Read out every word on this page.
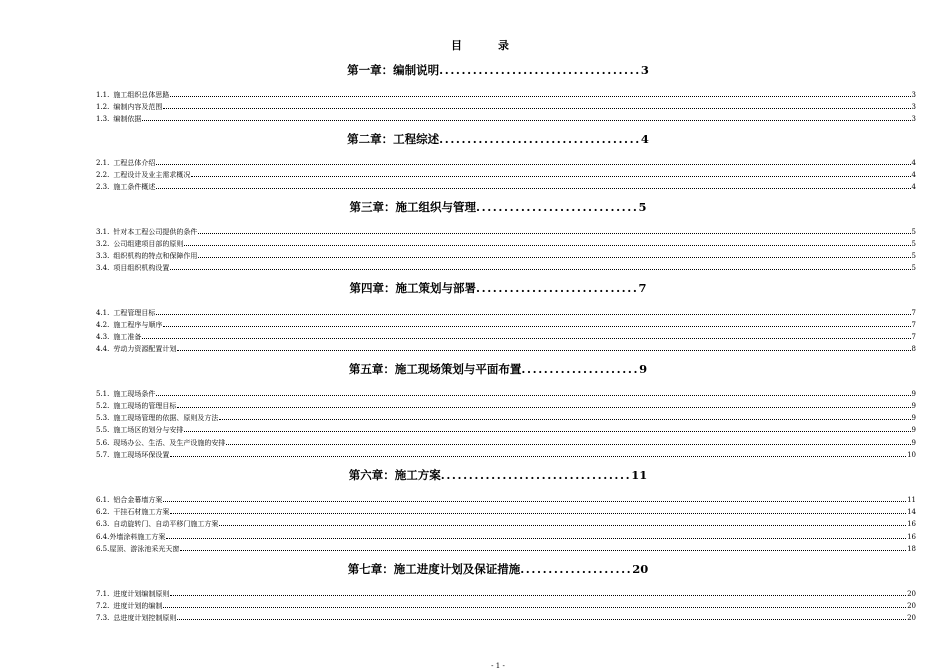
目录
第一章：编制说明....................................3
1.1. 施工组织总体思路	3
1.2. 编制内容及范围	3
1.3. 编制依据	3
第二章：工程综述....................................4
2.1. 工程总体介绍	4
2.2. 工程设计及业主需求概况	4
2.3. 施工条件概述	4
第三章：施工组织与管理.............................5
3.1. 针对本工程公司提供的条件	5
3.2. 公司组建项目部的原则	5
3.3. 组织机构的特点和保障作用	5
3.4. 项目组织机构设置	5
第四章：施工策划与部署.............................7
4.1. 工程管理目标	7
4.2. 施工程序与顺序	7
4.3. 施工准备	7
4.4. 劳动力资源配置计划	8
第五章：施工现场策划与平面布置.....................9
5.1. 施工现场条件	9
5.2. 施工现场的管理目标	9
5.3. 施工现场管理的依据、原则及方法	9
5.5. 施工场区的划分与安排	9
5.6. 现场办公、生活、及生产设施的安排	9
5.7. 施工现场环保设置	10
第六章：施工方案..................................11
6.1. 铝合金幕墙方案	11
6.2. 干挂石材施工方案	14
6.3. 自动旋转门、自动平移门施工方案	16
6.4. 外墙涂料施工方案	16
6.5. 屋顶、游泳池采光天窗	18
第七章：施工进度计划及保证措施....................20
7.1. 进度计划编制原则	20
7.2. 进度计划的编制	20
7.3. 总进度计划控制原则	20
- 1 -
